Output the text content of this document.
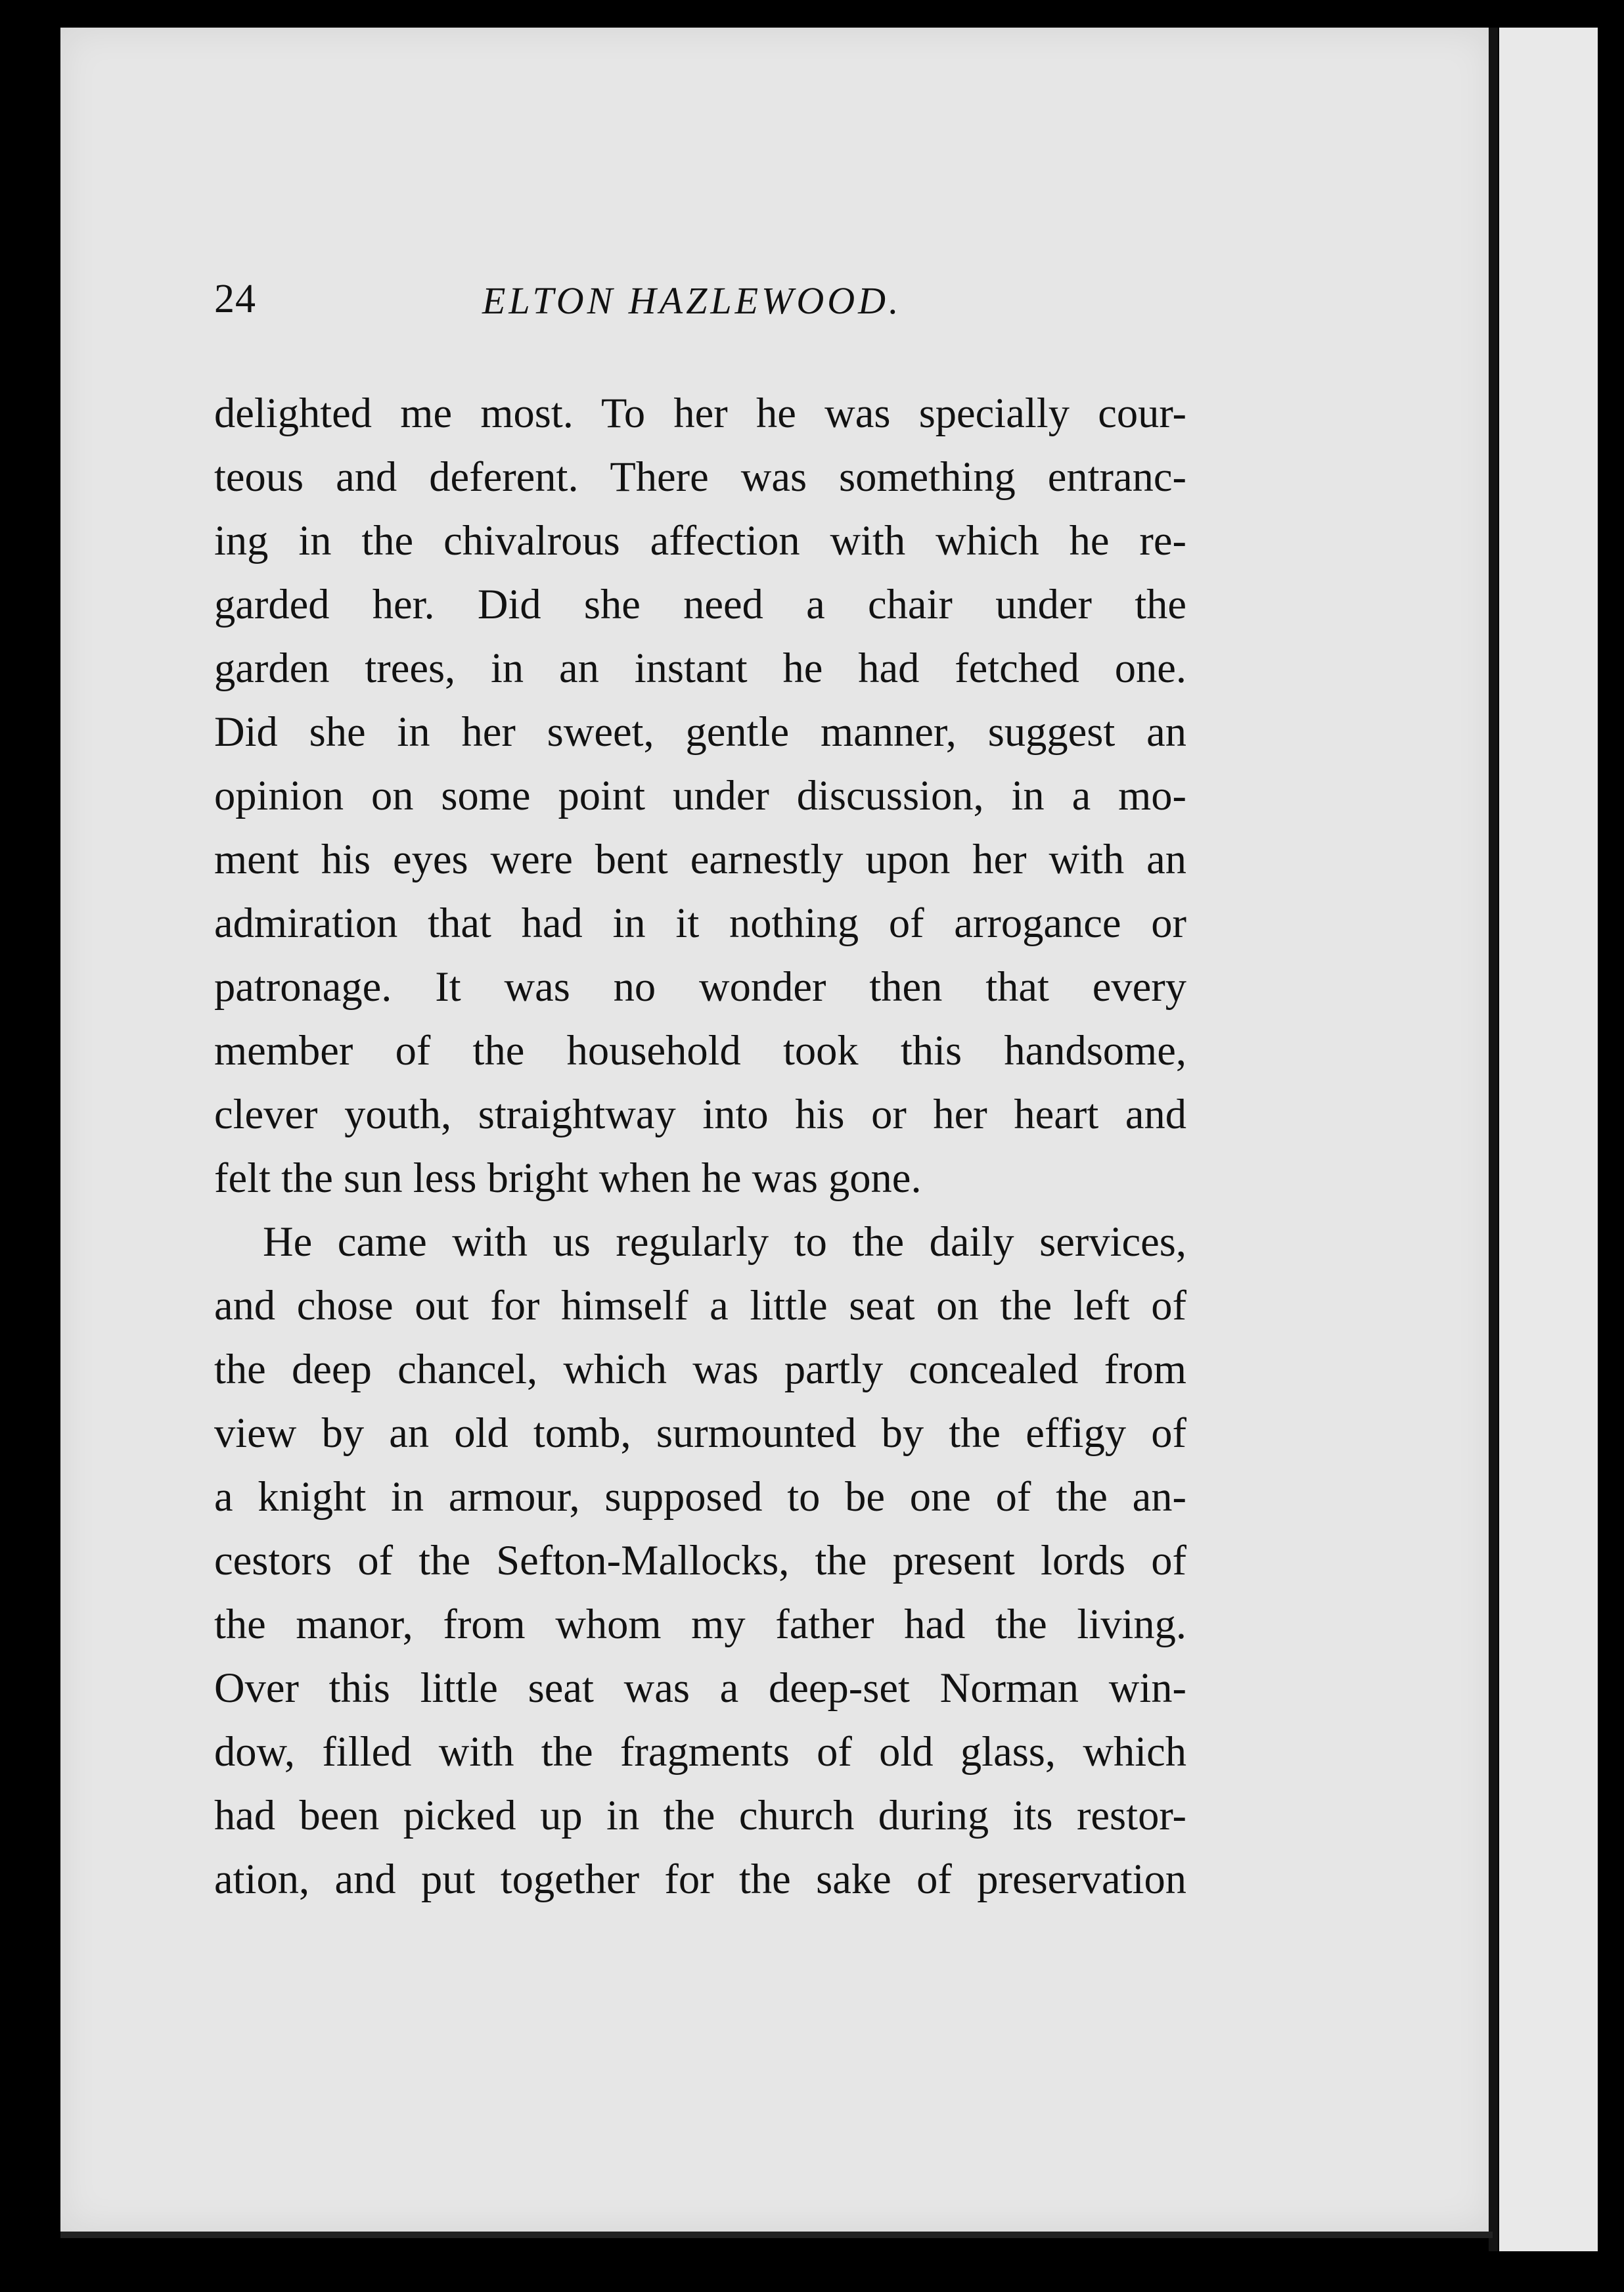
24	ELTON HAZLEWOOD.
delighted me most. To her he was specially cour-
teous and deferent. There was something entranc-
ing in the chivalrous affection with which he re-
garded her. Did she need a chair under the
garden trees, in an instant he had fetched one.
Did she in her sweet, gentle manner, suggest an
opinion on some point under discussion, in a mo-
ment his eyes were bent earnestly upon her with an
admiration that had in it nothing of arrogance or
patronage. It was no wonder then that every
member of the household took this handsome,
clever youth, straightway into his or her heart and
felt the sun less bright when he was gone.
He came with us regularly to the daily services,
and chose out for himself a little seat on the left of
the deep chancel, which was partly concealed from
view by an old tomb, surmounted by the effigy of
a knight in armour, supposed to be one of the an-
cestors of the Sefton-Mallocks, the present lords of
the manor, from whom my father had the living.
Over this little seat was a deep-set Norman win-
dow, filled with the fragments of old glass, which
had been picked up in the church during its restor-
ation, and put together for the sake of preservation
